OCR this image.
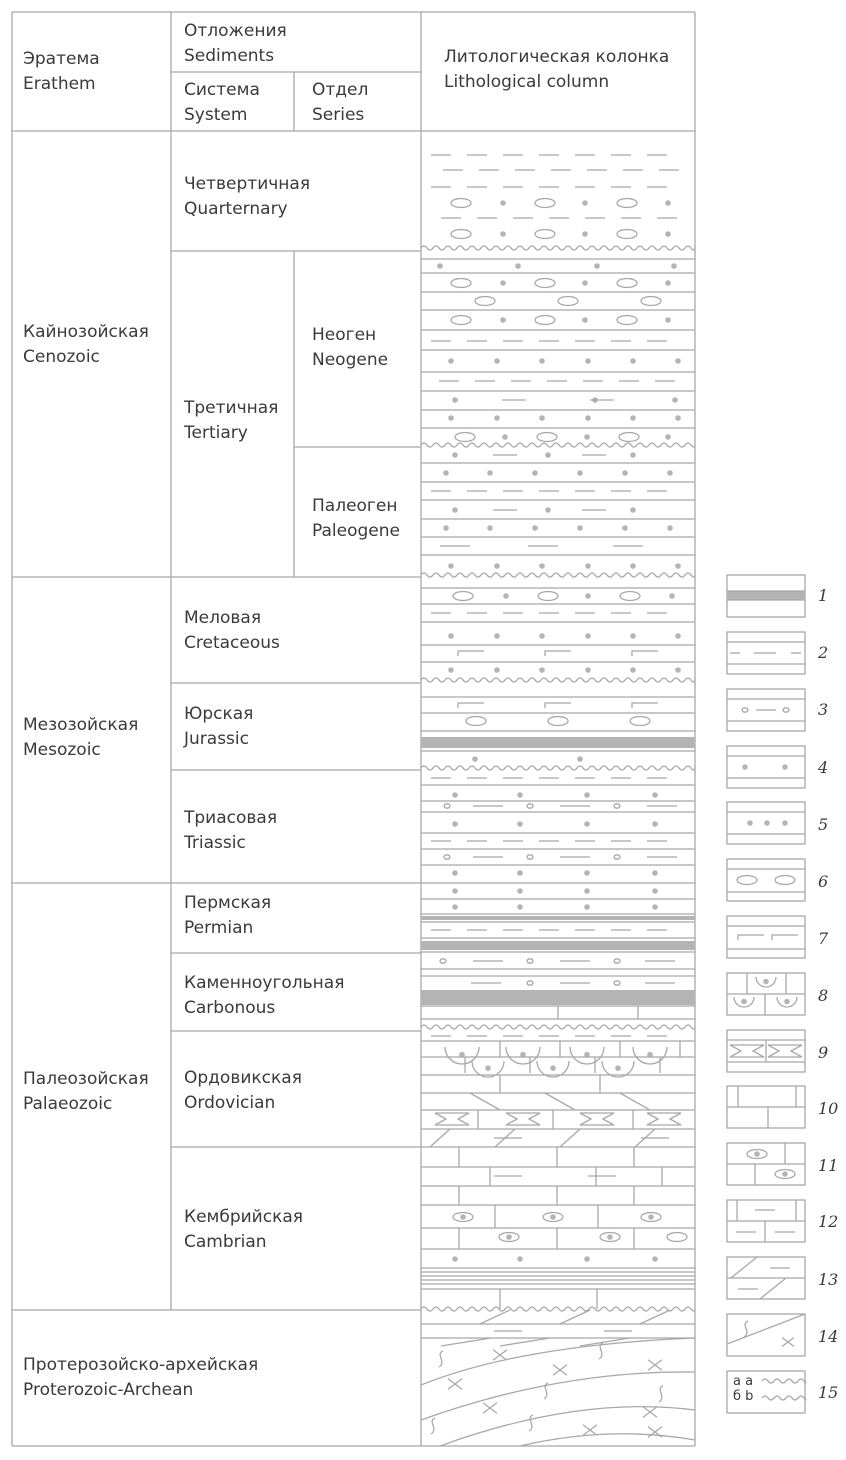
Эратема
Erathem
Отложения
Sediments
Система
System
Отдел
Series
Литологическая колонка
Lithological column
Кайнозойская
Cenozoic
Мезозойская
Mesozoic
Палеозойская
Palaeozoic
Протерозойско-архейская
Proterozoic-Archean
Четвертичная
Quarternary
Третичная
Tertiary
Меловая
Cretaceous
Юрская
Jurassic
Триасовая
Triassic
Пермская
Permian
Каменноугольная
Carbonous
Ордовикская
Ordovician
Кембрийская
Cambrian
Неоген
Neogene
Палеоген
Paleogene
1
2
3
4
5
6
7
8
9
10
11
12
13
14
15
а а
б b
